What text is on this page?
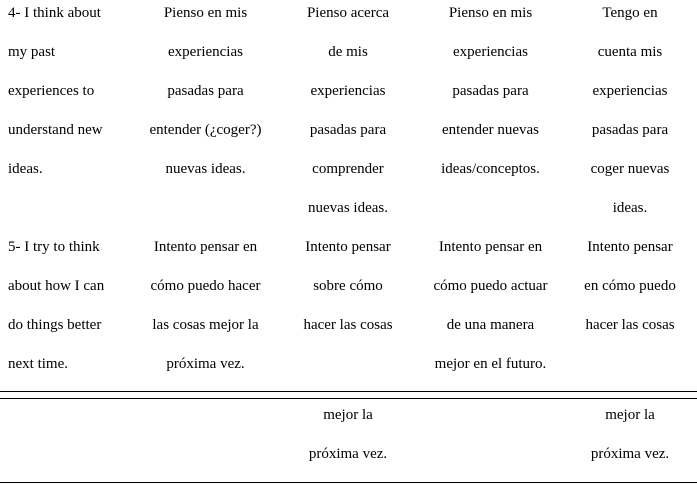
4- I think about
my past
experiences to
understand new
ideas.
Pienso en mis
experiencias
pasadas para
entender (¿coger?)
nuevas ideas.
Pienso acerca
de mis
experiencias
pasadas para
comprender
nuevas ideas.
Pienso en mis
experiencias
pasadas para
entender nuevas
ideas/conceptos.
Tengo en
cuenta mis
experiencias
pasadas para
coger nuevas
ideas.
5- I try to think
about how I can
do things better
next time.
Intento pensar en
cómo puedo hacer
las cosas mejor la
próxima vez.
Intento pensar
sobre cómo
hacer las cosas
Intento pensar en
cómo puedo actuar
de una manera
mejor en el futuro.
Intento pensar
en cómo puedo
hacer las cosas
mejor la
próxima vez.
mejor la
próxima vez.
